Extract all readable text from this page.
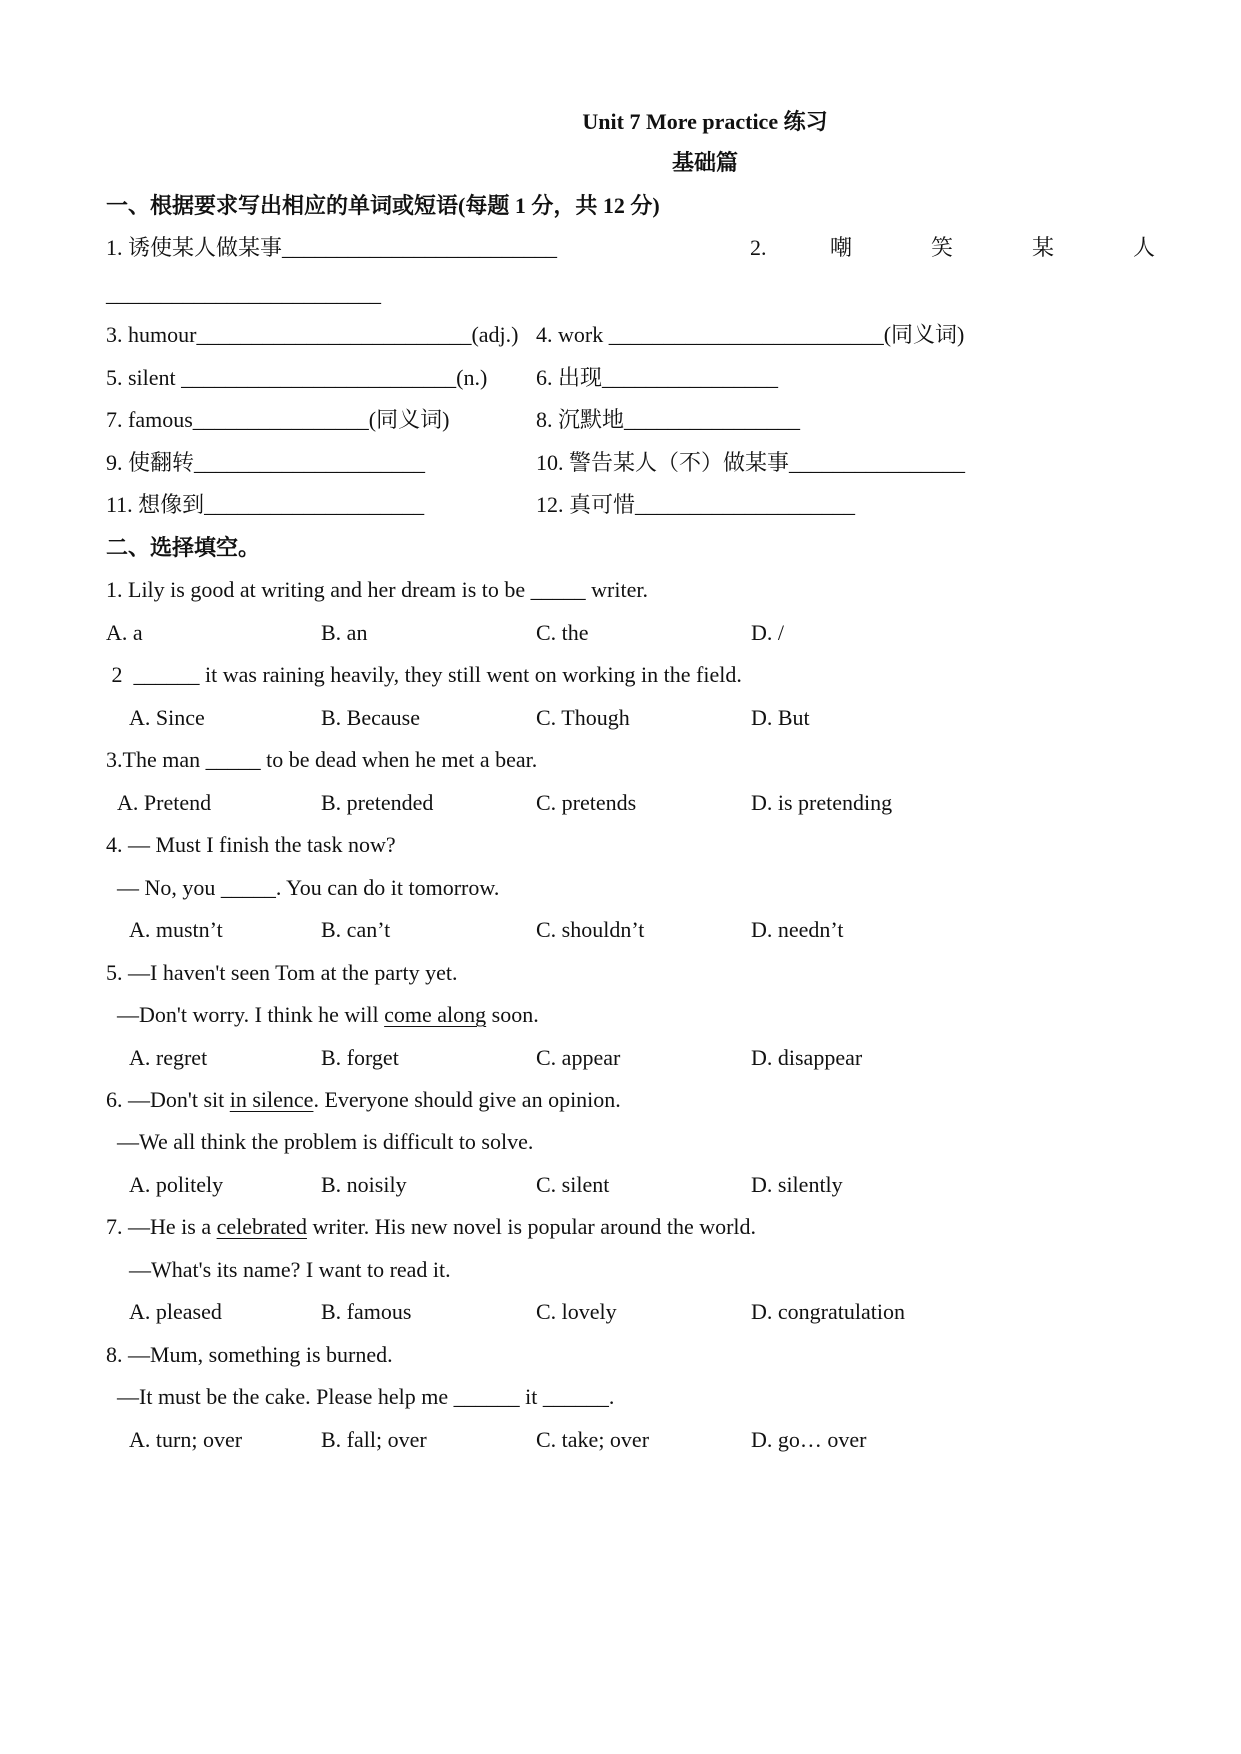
Unit 7 More practice 练习
基础篇
一、根据要求写出相应的单词或短语(每题 1 分，共 12 分)
1. 诱使某人做某事_________________________	2.	嘲  笑  某  人
_________________________
3. humour_________________________(adj.) 4. work _________________________(同义词)
5. silent _________________________(n.) 6. 出现________________
7. famous________________(同义词)	8. 沉默地________________
9. 使翻转_____________________	10. 警告某人（不）做某事________________
11. 想像到____________________	12. 真可惜____________________
二、选择填空。
1. Lily is good at writing and her dream is to be _____ writer.
A. a	B. an	C. the	D. /
2  ______ it was raining heavily, they still went on working in the field.
A. Since	B. Because	C. Though	D. But
3.The man _____ to be dead when he met a bear.
A. Pretend	B. pretended	C. pretends	D. is pretending
4. — Must I finish the task now?
— No, you _____. You can do it tomorrow.
A. mustn’t	B. can’t	C. shouldn’t	D. needn’t
5. —I haven't seen Tom at the party yet.
—Don't worry. I think he will come along soon.
A. regret	B. forget	C. appear	D. disappear
6. —Don't sit in silence. Everyone should give an opinion.
—We all think the problem is difficult to solve.
A. politely	B. noisily	C. silent	D. silently
7. —He is a celebrated writer. His new novel is popular around the world.
—What's its name? I want to read it.
A. pleased	B. famous	C. lovely	D. congratulation
8. —Mum, something is burned.
—It must be the cake. Please help me ______ it ______.
A. turn; over	B. fall; over	C. take; over	D. go… over
